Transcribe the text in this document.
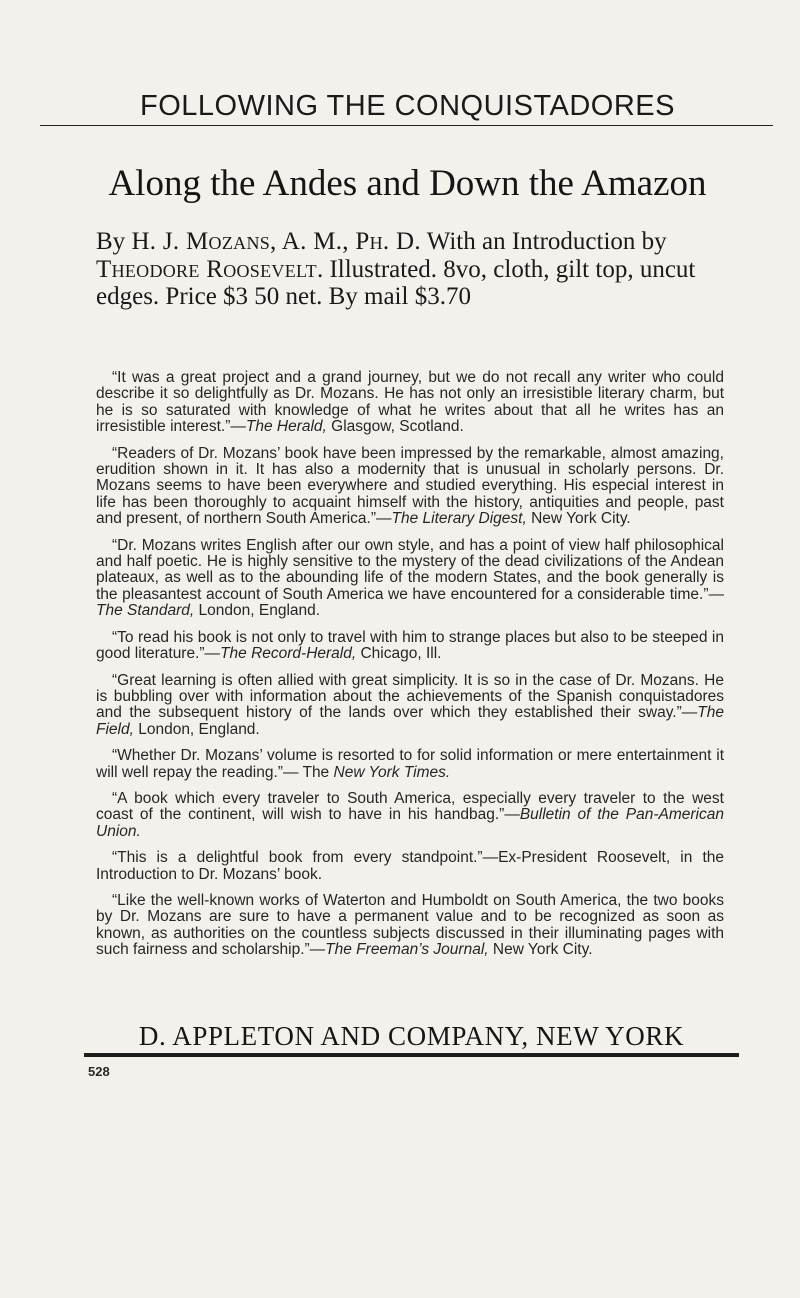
FOLLOWING THE CONQUISTADORES
Along the Andes and Down the Amazon
By H. J. Mozans, A. M., Ph. D. With an Introduction by Theodore Roosevelt. Illustrated. 8vo, cloth, gilt top, uncut edges. Price $3 50 net. By mail $3.70

“It was a great project and a grand journey, but we do not recall any writer who could describe it so delightfully as Dr. Mozans. He has not only an irresistible literary charm, but he is so saturated with knowledge of what he writes about that all he writes has an irresistible interest.”—The Herald, Glasgow, Scotland.

“Readers of Dr. Mozans’ book have been impressed by the remarkable, almost amazing, erudition shown in it. It has also a modernity that is unusual in scholarly persons. Dr. Mozans seems to have been everywhere and studied everything. His especial interest in life has been thoroughly to acquaint himself with the history, antiquities and people, past and present, of northern South America.”—The Literary Digest, New York City.

“Dr. Mozans writes English after our own style, and has a point of view half philosophical and half poetic. He is highly sensitive to the mystery of the dead civilizations of the Andean plateaux, as well as to the abounding life of the modern States, and the book generally is the pleasantest account of South America we have encountered for a considerable time.”—The Standard, London, England.

“To read his book is not only to travel with him to strange places but also to be steeped in good literature.”—The Record-Herald, Chicago, Ill.

“Great learning is often allied with great simplicity. It is so in the case of Dr. Mozans. He is bubbling over with information about the achievements of the Spanish conquistadores and the subsequent history of the lands over which they established their sway.”—The Field, London, England.

“Whether Dr. Mozans’ volume is resorted to for solid information or mere entertainment it will well repay the reading.”— The New York Times.

“A book which every traveler to South America, especially every traveler to the west coast of the continent, will wish to have in his handbag.”—Bulletin of the Pan-American Union.

“This is a delightful book from every standpoint.”—Ex-President Roosevelt, in the Introduction to Dr. Mozans’ book.

“Like the well-known works of Waterton and Humboldt on South America, the two books by Dr. Mozans are sure to have a permanent value and to be recognized as soon as known, as authorities on the countless subjects discussed in their illuminating pages with such fairness and scholarship.”—The Freeman’s Journal, New York City.

D. APPLETON AND COMPANY, NEW YORK
528
